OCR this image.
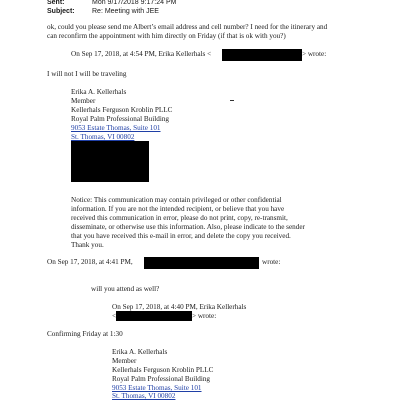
Sent:	Mon 9/17/2018 9:17:24 PM
Subject: Re: Meeting with JEE
ok, could you please send me Albert’s email address and cell number? I need for the itinerary and
can reconfirm the appointment with him directly on Friday (if that is ok with you?)
On Sep 17, 2018, at 4:54 PM, Erika Kellerhals <	> wrote:
I will not I will be traveling
Erika A. Kellerhals
Member
Kellerhals Ferguson Kroblin PLLC
Royal Palm Professional Building
9053 Estate Thomas, Suite 101
St. Thomas, VI 00802
Notice: This communication may contain privileged or other confidential
information. If you are not the intended recipient, or believe that you have
received this communication in error, please do not print, copy, re-transmit,
disseminate, or otherwise use this information. Also, please indicate to the sender
that you have received this e-mail in error, and delete the copy you received.
Thank you.
On Sep 17, 2018, at 4:41 PM,	wrote:
will you attend as well?
On Sep 17, 2018, at 4:40 PM, Erika Kellerhals
<	> wrote:
Confirming Friday at 1:30
Erika A. Kellerhals
Member
Kellerhals Ferguson Kroblin PLLC
Royal Palm Professional Building
9053 Estate Thomas, Suite 101
St. Thomas, VI 00802
